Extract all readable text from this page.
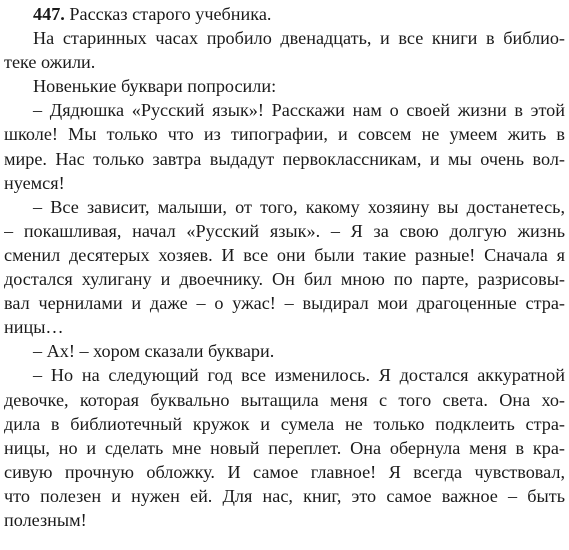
447. Рассказ старого учебника.
На старинных часах пробило двенадцать, и все книги в библио-
теке ожили.
Новенькие буквари попросили:
– Дядюшка «Русский язык»! Расскажи нам о своей жизни в этой
школе! Мы только что из типографии, и совсем не умеем жить в
мире. Нас только завтра выдадут первоклассникам, и мы очень вол-
нуемся!
– Все зависит, малыши, от того, какому хозяину вы достанетесь,
– покашливая, начал «Русский язык». – Я за свою долгую жизнь
сменил десятерых хозяев. И все они были такие разные! Сначала я
достался хулигану и двоечнику. Он бил мною по парте, разрисовы-
вал чернилами и даже – о ужас! – выдирал мои драгоценные стра-
ницы…
– Ах! – хором сказали буквари.
– Но на следующий год все изменилось. Я достался аккуратной
девочке, которая буквально вытащила меня с того света. Она хо-
дила в библиотечный кружок и сумела не только подклеить стра-
ницы, но и сделать мне новый переплет. Она обернула меня в кра-
сивую прочную обложку. И самое главное! Я всегда чувствовал,
что полезен и нужен ей. Для нас, книг, это самое важное – быть
полезным!
